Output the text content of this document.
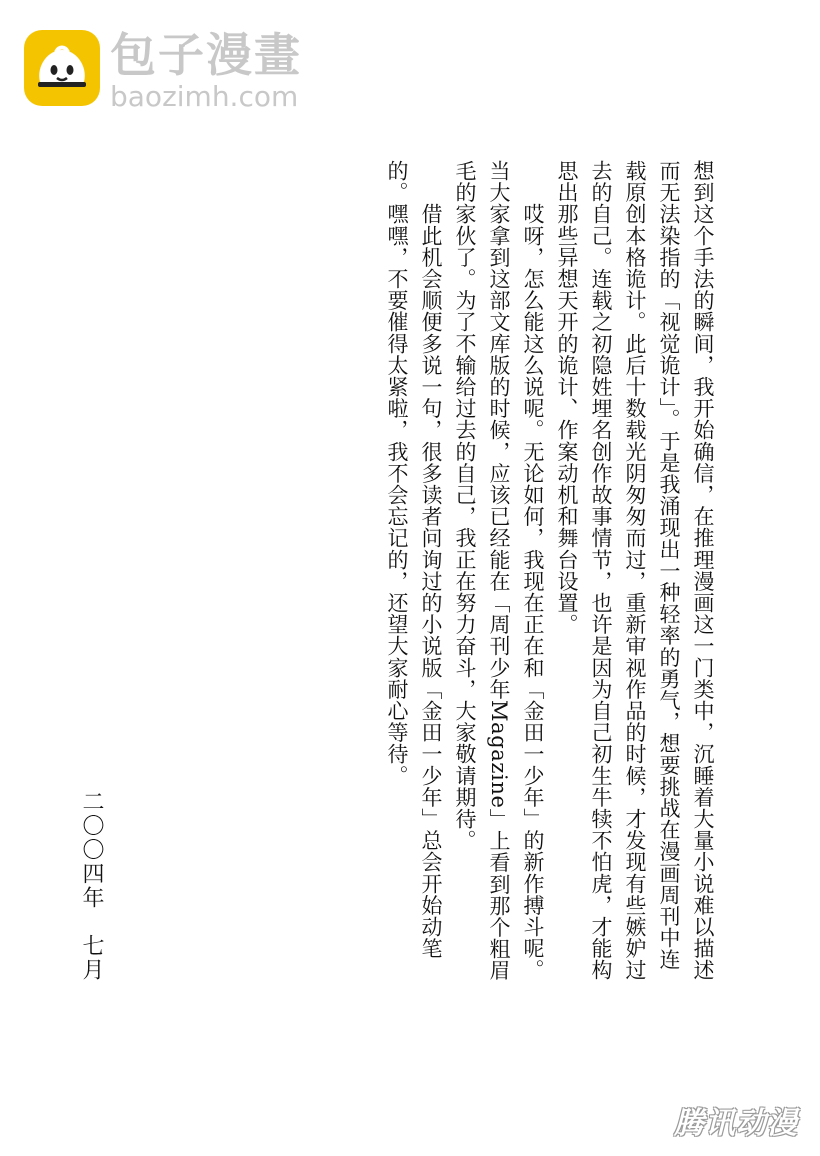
包子漫畫
baozimh.com

想到这个手法的瞬间，我开始确信，在推理漫画这一门类中，沉睡着大量小说难以描述而无法染指的「视觉诡计」。于是我涌现出一种轻率的勇气，想要挑战在漫画周刊中连载原创本格诡计。此后十数载光阴匆匆而过，重新审视作品的时候，才发现有些嫉妒过去的自己。连载之初隐姓埋名创作故事情节，也许是因为自己初生牛犊不怕虎，才能构思出那些异想天开的诡计、作案动机和舞台设置。

　　哎呀，怎么能这么说呢。无论如何，我现在正在和「金田一少年」的新作搏斗呢。当大家拿到这部文库版的时候，应该已经能在「周刊少年Magazine」上看到那个粗眉毛的家伙了。为了不输给过去的自己，我正在努力奋斗，大家敬请期待。

　　借此机会顺便多说一句，很多读者问询过的小说版「金田一少年」总会开始动笔的。嘿嘿，不要催得太紧啦，我不会忘记的，还望大家耐心等待。

二〇〇四年　七月
腾讯动漫
